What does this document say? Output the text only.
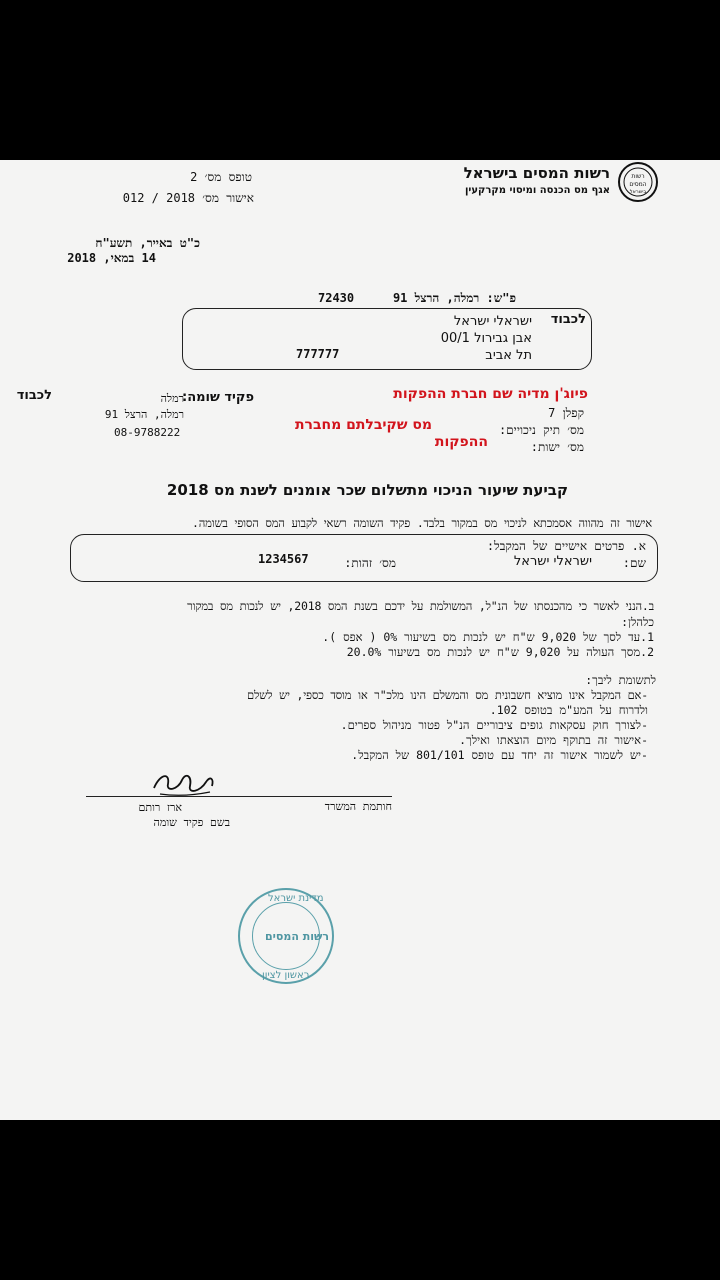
רשות
המסים
בישראל
רשות המסים בישראל
אגף מס הכנסה ומיסוי מקרקעין
טופס מס׳ 2
אישור מס׳ 2018 / 012
כ"ט באייר, תשע"ח
14 במאי, 2018
פ"ש: רמלה, הרצל 91
72430
לכבוד
ישראלי ישראל
אבן גבירול 00/1
תל אביב
777777
לכבוד	פיוג'ן מדיה שם חברת ההפקות
קפלן 7
מס׳ תיק ניכויים:
מס שקיבלתם מחברת
מס׳ ישות:
ההפקות
פקיד שומה:
רמלה
רמלה, הרצל 91
08-9788222
קביעת שיעור הניכוי מתשלום שכר אומנים לשנת מס 2018
אישור זה מהווה אסמכתא לניכוי מס במקור בלבד. פקיד השומה רשאי לקבוע המס הסופי בשומה.
א. פרטים אישיים של המקבל:
שם:
ישראלי ישראל
מס׳ זהות:
1234567
ב.הנני לאשר כי מהכנסתו של הנ"ל, המשולמת על ידכם בשנת המס 2018, יש לנכות מס במקור
כלהלן:
1.עד לסך של 9,020 ש"ח יש לנכות מס בשיעור 0% ( אפס ).
2.מסך העולה על 9,020 ש"ח יש לנכות מס בשיעור 20.0%
לתשומת ליבך:
-אם המקבל אינו מוציא חשבונית מס והמשלם הינו מלכ"ר או מוסד כספי, יש לשלם
ולדרוח על המע"מ בטופס 102.
-לצורך חוק עסקאות גופים ציבוריים הנ"ל פטור מניהול ספרים.
-אישור זה בתוקף מיום הוצאתו ואילך.
-יש לשמור אישור זה יחד עם טופס 801/101 של המקבל.
מדינת ישראל
רשות המסים
ראשון לציון
חותמת המשרד
ארז רותם
בשם פקיד שומה
